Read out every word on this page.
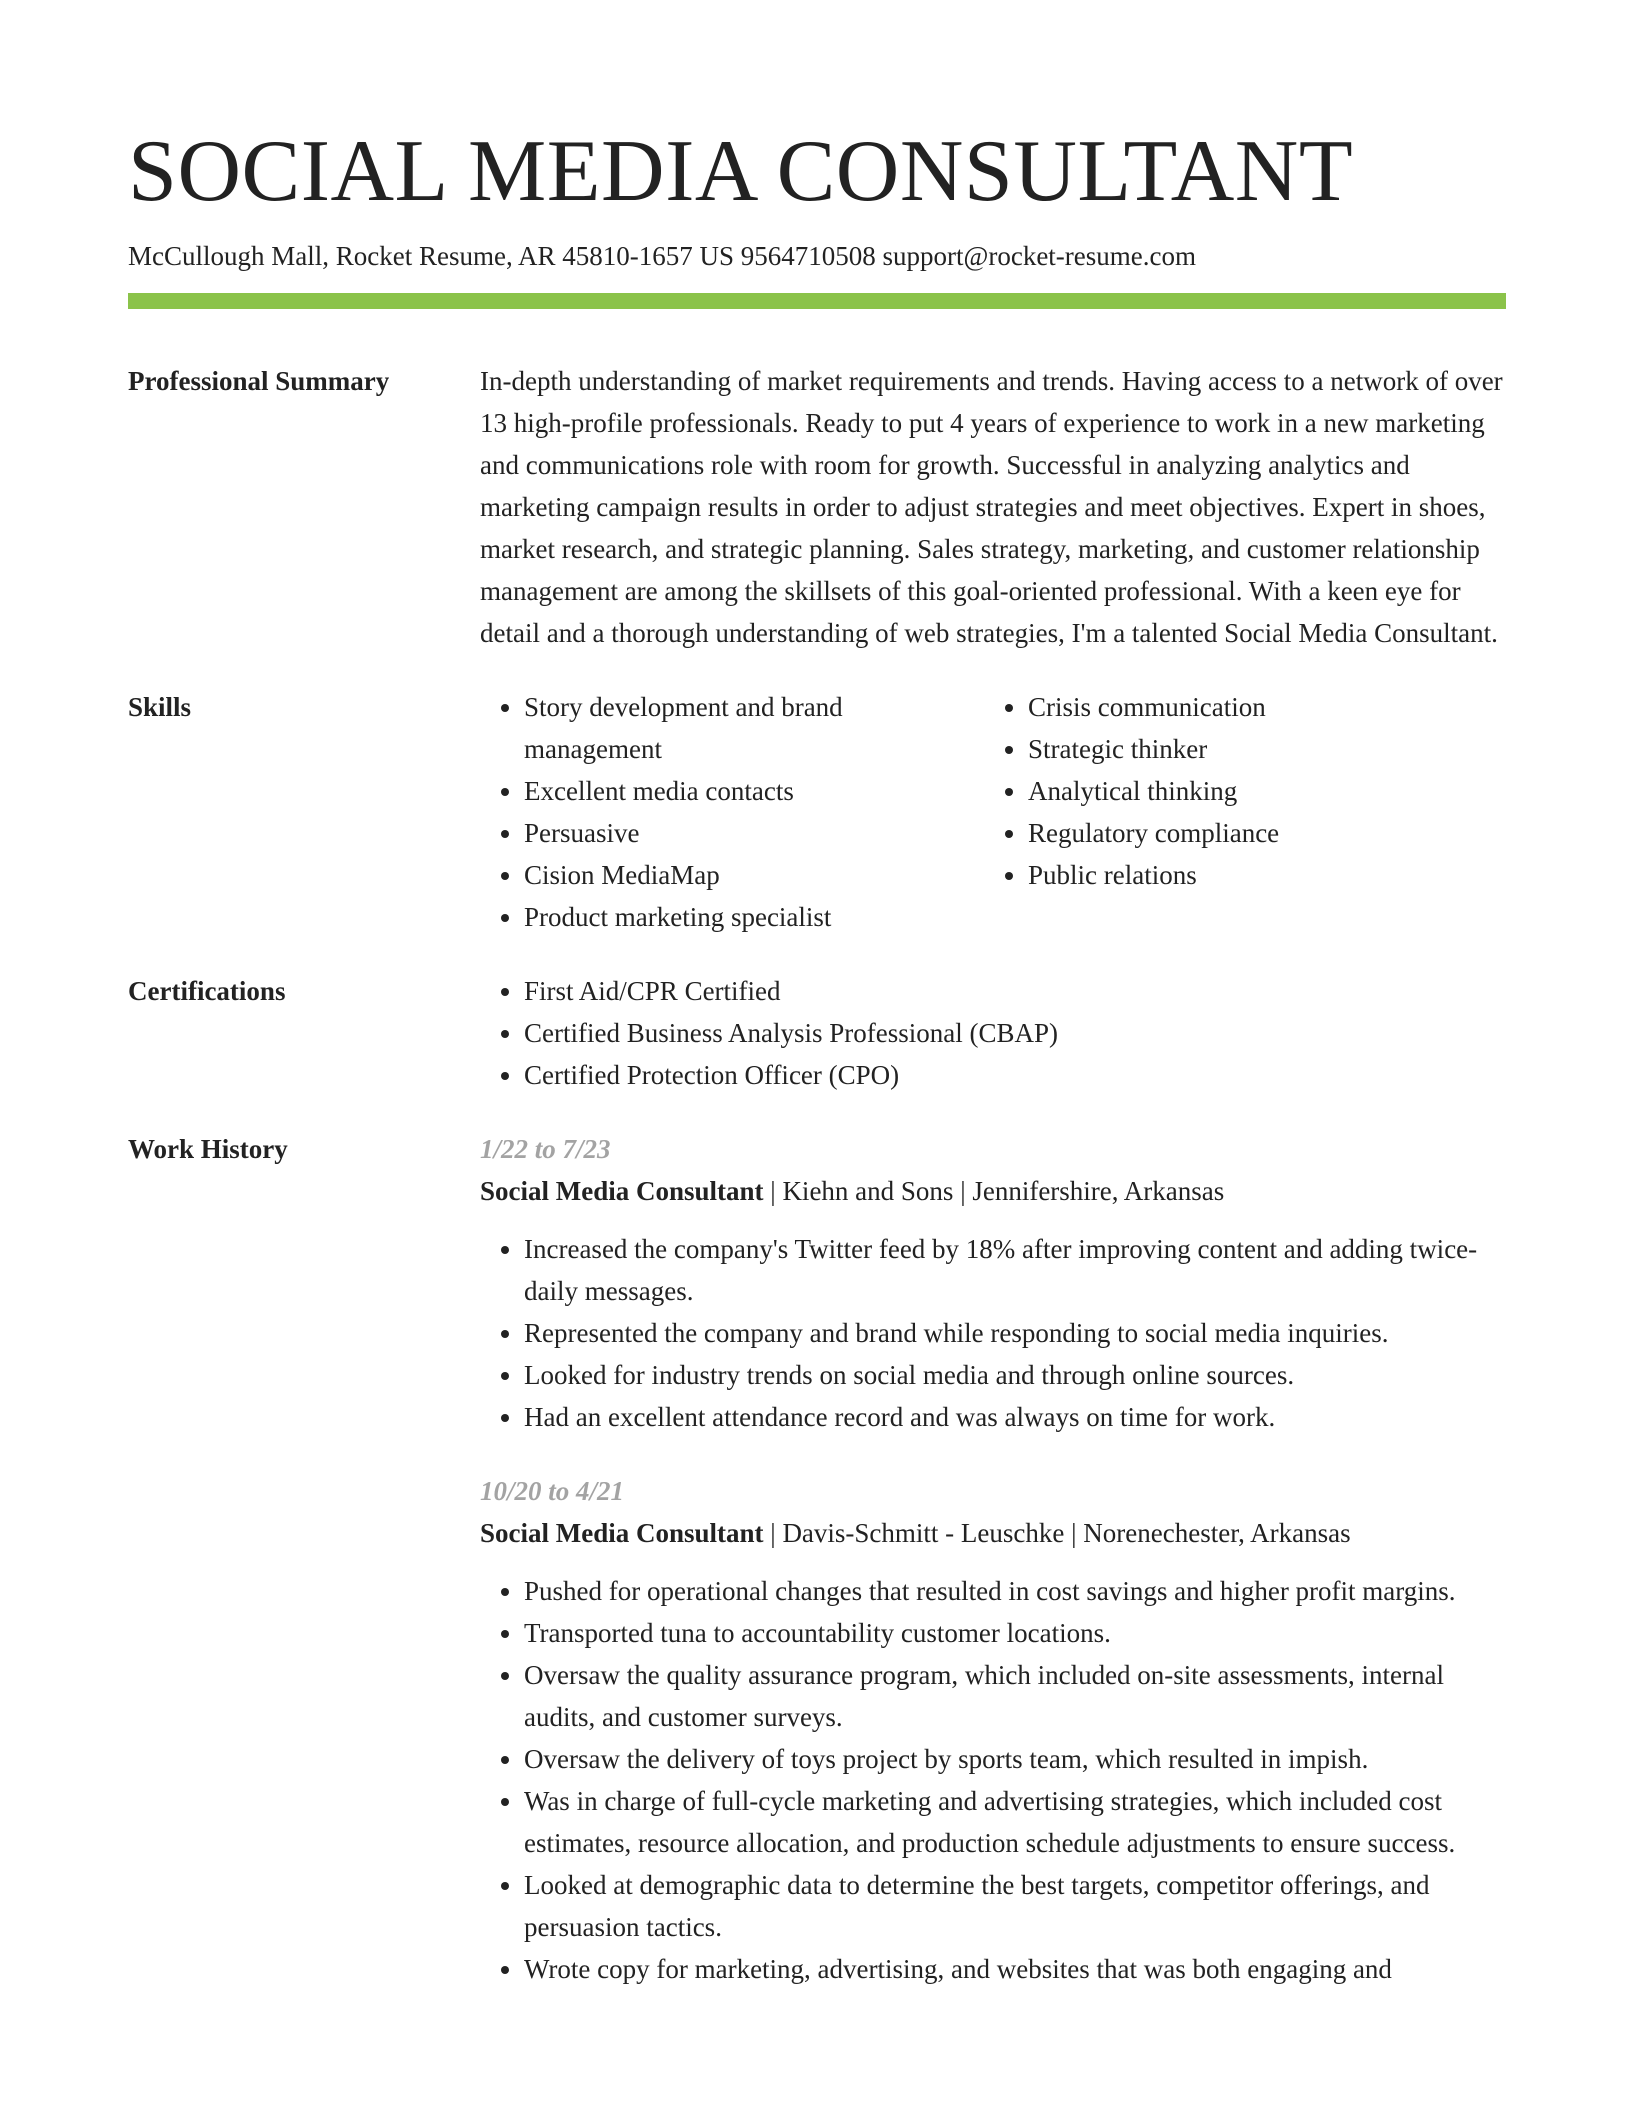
SOCIAL MEDIA CONSULTANT
McCullough Mall, Rocket Resume, AR 45810-1657 US 9564710508 support@rocket-resume.com
Professional Summary	In-depth understanding of market requirements and trends. Having access to a network of over 13 high-profile professionals. Ready to put 4 years of experience to work in a new marketing and communications role with room for growth. Successful in analyzing analytics and marketing campaign results in order to adjust strategies and meet objectives. Expert in shoes, market research, and strategic planning. Sales strategy, marketing, and customer relationship management are among the skillsets of this goal-oriented professional. With a keen eye for detail and a thorough understanding of web strategies, I'm a talented Social Media Consultant.

Skills	• Story development and brand management
• Excellent media contacts
• Persuasive
• Cision MediaMap
• Product marketing specialist
• Crisis communication
• Strategic thinker
• Analytical thinking
• Regulatory compliance
• Public relations
Certifications	• First Aid/CPR Certified
• Certified Business Analysis Professional (CBAP)
• Certified Protection Officer (CPO)
Work History	1/22 to 7/23
Social Media Consultant | Kiehn and Sons | Jennifershire, Arkansas
• Increased the company's Twitter feed by 18% after improving content and adding twice-daily messages.
• Represented the company and brand while responding to social media inquiries.
• Looked for industry trends on social media and through online sources.
• Had an excellent attendance record and was always on time for work.
10/20 to 4/21
Social Media Consultant | Davis-Schmitt - Leuschke | Norenechester, Arkansas
• Pushed for operational changes that resulted in cost savings and higher profit margins.
• Transported tuna to accountability customer locations.
• Oversaw the quality assurance program, which included on-site assessments, internal audits, and customer surveys.
• Oversaw the delivery of toys project by sports team, which resulted in impish.
• Was in charge of full-cycle marketing and advertising strategies, which included cost estimates, resource allocation, and production schedule adjustments to ensure success.
• Looked at demographic data to determine the best targets, competitor offerings, and persuasion tactics.
• Wrote copy for marketing, advertising, and websites that was both engaging and
